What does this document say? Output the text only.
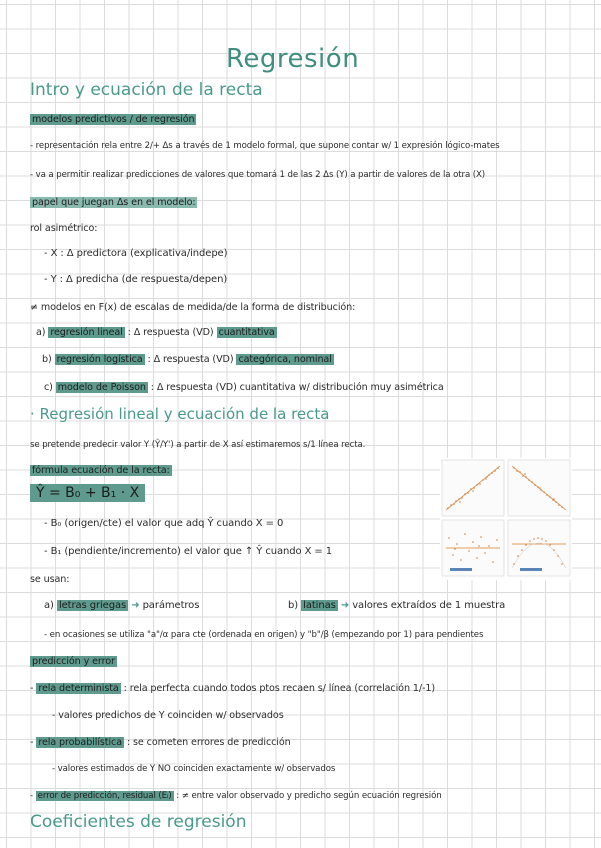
Regresión
Intro y ecuación de la recta
modelos predictivos / de regresión
- representación rela entre 2/+ Δs a través de 1 modelo formal, que supone contar w/ 1 expresión lógico-mates
- va a permitir realizar predicciones de valores que tomará 1 de las 2 Δs (Y) a partir de valores de la otra (X)
papel que juegan Δs en el modelo:
rol asimétrico:
- X : Δ predictora (explicativa/indepe)
- Y : Δ predicha (de respuesta/depen)
≠ modelos en F(x) de escalas de medida/de la forma de distribución:
a) regresión lineal : Δ respuesta (VD) cuantitativa
b) regresión logística : Δ respuesta (VD) categórica, nominal
c) modelo de Poisson : Δ respuesta (VD) cuantitativa w/ distribución muy asimétrica
· Regresión lineal y ecuación de la recta
se pretende predecir valor Y (Ŷ/Y') a partir de X así estimaremos s/1 línea recta.
fórmula ecuación de la recta:
Ŷ = B₀ + B₁ · X
- B₀ (origen/cte) el valor que adq Ŷ cuando X = 0
- B₁ (pendiente/incremento) el valor que ↑ Ŷ cuando X = 1
se usan:
a) letras griegas ➜ parámetros	b) latinas ➜ valores extraídos de 1 muestra
- en ocasiones se utiliza "a"/α para cte (ordenada en origen) y "b"/β (empezando por 1) para pendientes
predicción y error
- rela determinista : rela perfecta cuando todos ptos recaen s/ línea (correlación 1/-1)
- valores predichos de Y coinciden w/ observados
- rela probabilística : se cometen errores de predicción
- valores estimados de Y NO coinciden exactamente w/ observados
- error de predicción, residual (Eᵢ) : ≠ entre valor observado y predicho según ecuación regresión
Coeficientes de regresión
